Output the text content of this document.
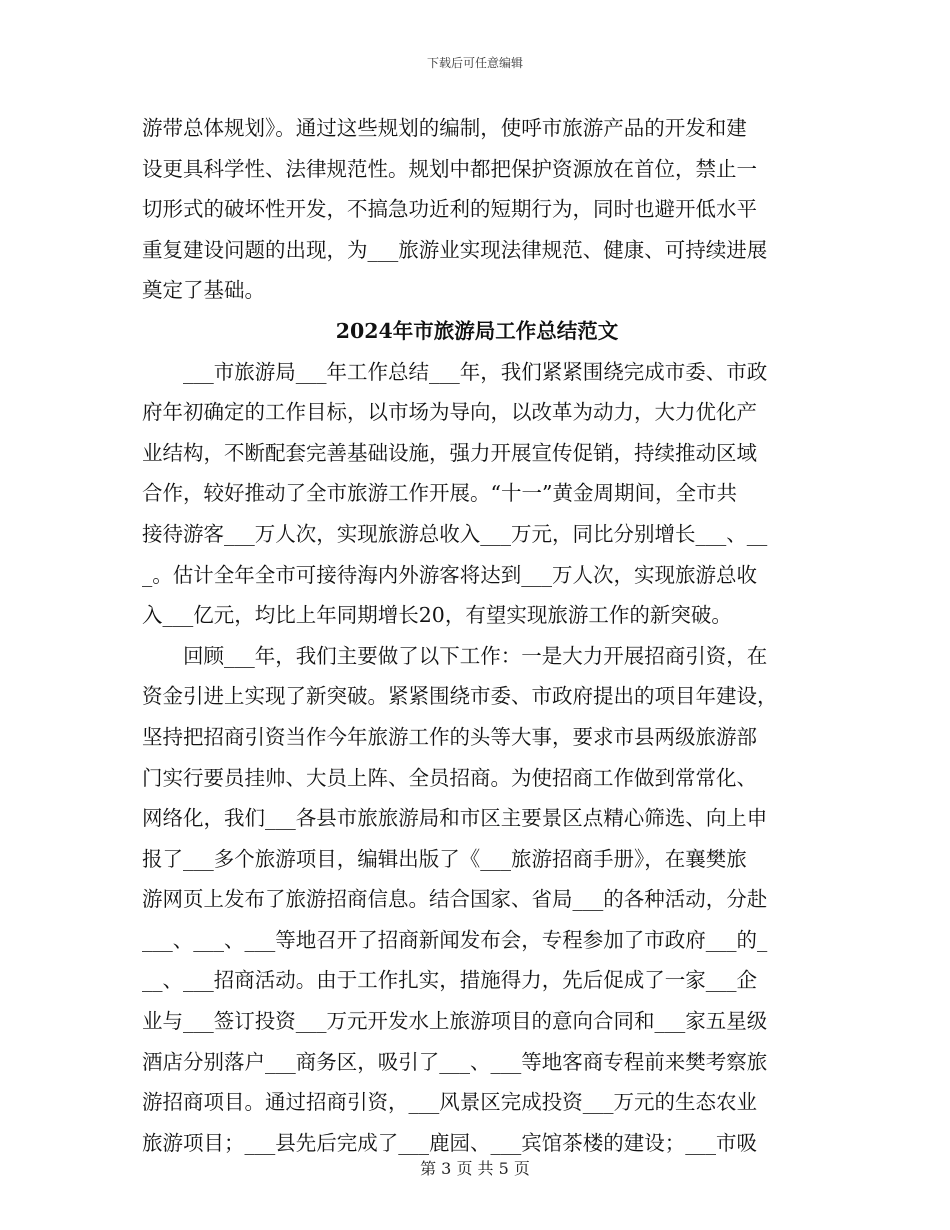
下载后可任意编辑
游带总体规划》。通过这些规划的编制，使呼市旅游产品的开发和建
设更具科学性、法律规范性。规划中都把保护资源放在首位，禁止一
切形式的破坏性开发，不搞急功近利的短期行为，同时也避开低水平
重复建设问题的出现，为___旅游业实现法律规范、健康、可持续进展
奠定了基础。
2024年市旅游局工作总结范文
　　___市旅游局___年工作总结___年，我们紧紧围绕完成市委、市政
府年初确定的工作目标，以市场为导向，以改革为动力，大力优化产
业结构，不断配套完善基础设施，强力开展宣传促销，持续推动区域
合作，较好推动了全市旅游工作开展。“十一”黄金周期间，全市共
接待游客___万人次，实现旅游总收入___万元，同比分别增长___、__
_。估计全年全市可接待海内外游客将达到___万人次，实现旅游总收
入___亿元，均比上年同期增长20，有望实现旅游工作的新突破。
　　回顾___年，我们主要做了以下工作：一是大力开展招商引资，在
资金引进上实现了新突破。紧紧围绕市委、市政府提出的项目年建设，
坚持把招商引资当作今年旅游工作的头等大事，要求市县两级旅游部
门实行要员挂帅、大员上阵、全员招商。为使招商工作做到常常化、
网络化，我们___各县市旅旅游局和市区主要景区点精心筛选、向上申
报了___多个旅游项目，编辑出版了《___旅游招商手册》，在襄樊旅
游网页上发布了旅游招商信息。结合国家、省局___的各种活动，分赴
___、___、___等地召开了招商新闻发布会，专程参加了市政府___的_
__、___招商活动。由于工作扎实，措施得力，先后促成了一家___企
业与___签订投资___万元开发水上旅游项目的意向合同和___家五星级
酒店分别落户___商务区，吸引了___、___等地客商专程前来樊考察旅
游招商项目。通过招商引资，___风景区完成投资___万元的生态农业
旅游项目；___县先后完成了___鹿园、___宾馆茶楼的建设；___市吸
第 3 页 共 5 页
